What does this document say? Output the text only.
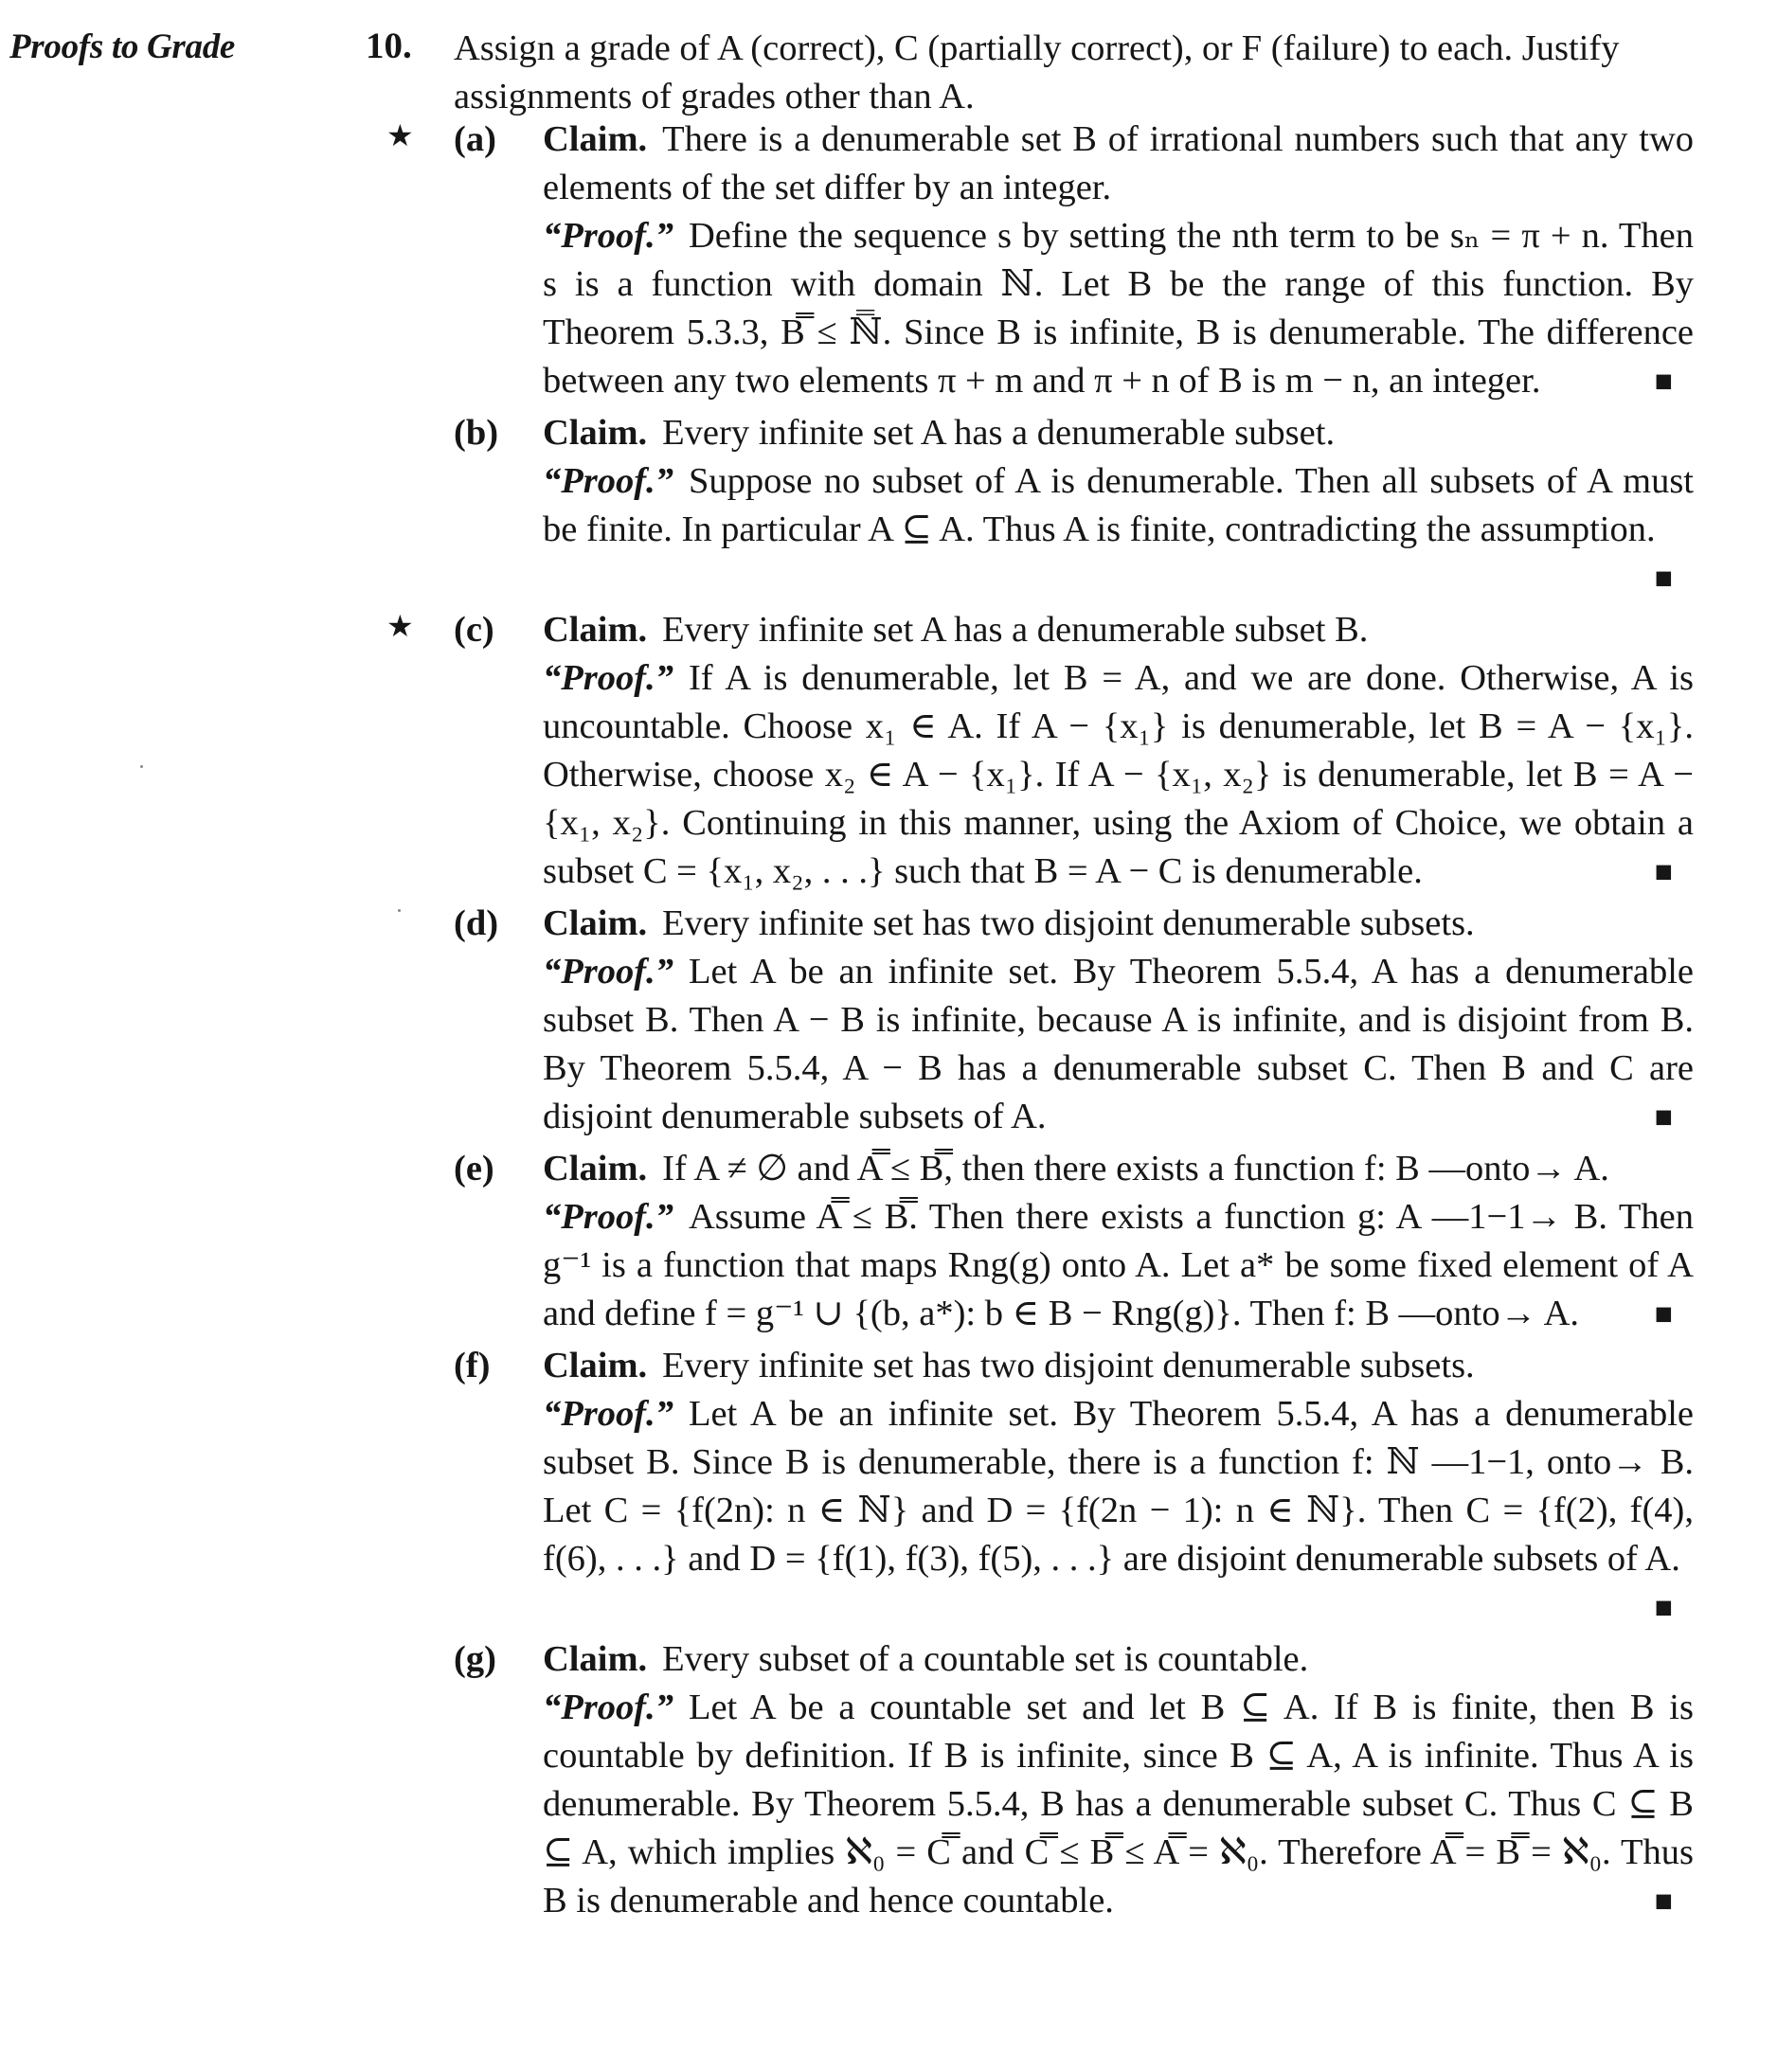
Proofs to Grade	10. Assign a grade of A (correct), C (partially correct), or F (failure) to each. Justify assignments of grades other than A.
★ (a) Claim. There is a denumerable set B of irrational numbers such that any two elements of the set differ by an integer.
“Proof.” Define the sequence s by setting the nth term to be sₙ = π + n. Then s is a function with domain ℕ. Let B be the range of this function. By Theorem 5.3.3, B̿ ≤ ℕ̿. Since B is infinite, B is denumerable. The difference between any two elements π + m and π + n of B is m − n, an integer.	■
(b) Claim. Every infinite set A has a denumerable subset.
“Proof.” Suppose no subset of A is denumerable. Then all subsets of A must be finite. In particular A ⊆ A. Thus A is finite, contradicting the assumption.
■
★ (c) Claim. Every infinite set A has a denumerable subset B.
“Proof.” If A is denumerable, let B = A, and we are done. Otherwise, A is uncountable. Choose x₁ ∈ A. If A − {x₁} is denumerable, let B = A − {x₁}. Otherwise, choose x₂ ∈ A − {x₁}. If A − {x₁, x₂} is denumerable, let B = A − {x₁, x₂}. Continuing in this manner, using the Axiom of Choice, we obtain a subset C = {x₁, x₂, . . .} such that B = A − C is denumerable.	■
(d) Claim. Every infinite set has two disjoint denumerable subsets.
“Proof.” Let A be an infinite set. By Theorem 5.5.4, A has a denumerable subset B. Then A − B is infinite, because A is infinite, and is disjoint from B. By Theorem 5.5.4, A − B has a denumerable subset C. Then B and C are disjoint denumerable subsets of A.	■
(e) Claim. If A ≠ ∅ and A̿ ≤ B̿, then there exists a function f: B —onto→ A.
“Proof.” Assume A̿ ≤ B̿. Then there exists a function g: A —1−1→ B. Then g⁻¹ is a function that maps Rng(g) onto A. Let a* be some fixed element of A and define f = g⁻¹ ∪ {(b, a*): b ∈ B − Rng(g)}. Then f: B —onto→ A. ■
(f) Claim. Every infinite set has two disjoint denumerable subsets.
“Proof.” Let A be an infinite set. By Theorem 5.5.4, A has a denumerable subset B. Since B is denumerable, there is a function f: ℕ —1−1, onto→ B. Let C = {f(2n): n ∈ ℕ} and D = {f(2n − 1): n ∈ ℕ}. Then C = {f(2), f(4), f(6), . . .} and D = {f(1), f(3), f(5), . . .} are disjoint denumerable subsets of A.
■
(g) Claim. Every subset of a countable set is countable.
“Proof.” Let A be a countable set and let B ⊆ A. If B is finite, then B is countable by definition. If B is infinite, since B ⊆ A, A is infinite. Thus A is denumerable. By Theorem 5.5.4, B has a denumerable subset C. Thus C ⊆ B ⊆ A, which implies ℵ₀ = C̿ and C̿ ≤ B̿ ≤ A̿ = ℵ₀. Therefore A̿ = B̿ = ℵ₀. Thus B is denumerable and hence countable.	■
